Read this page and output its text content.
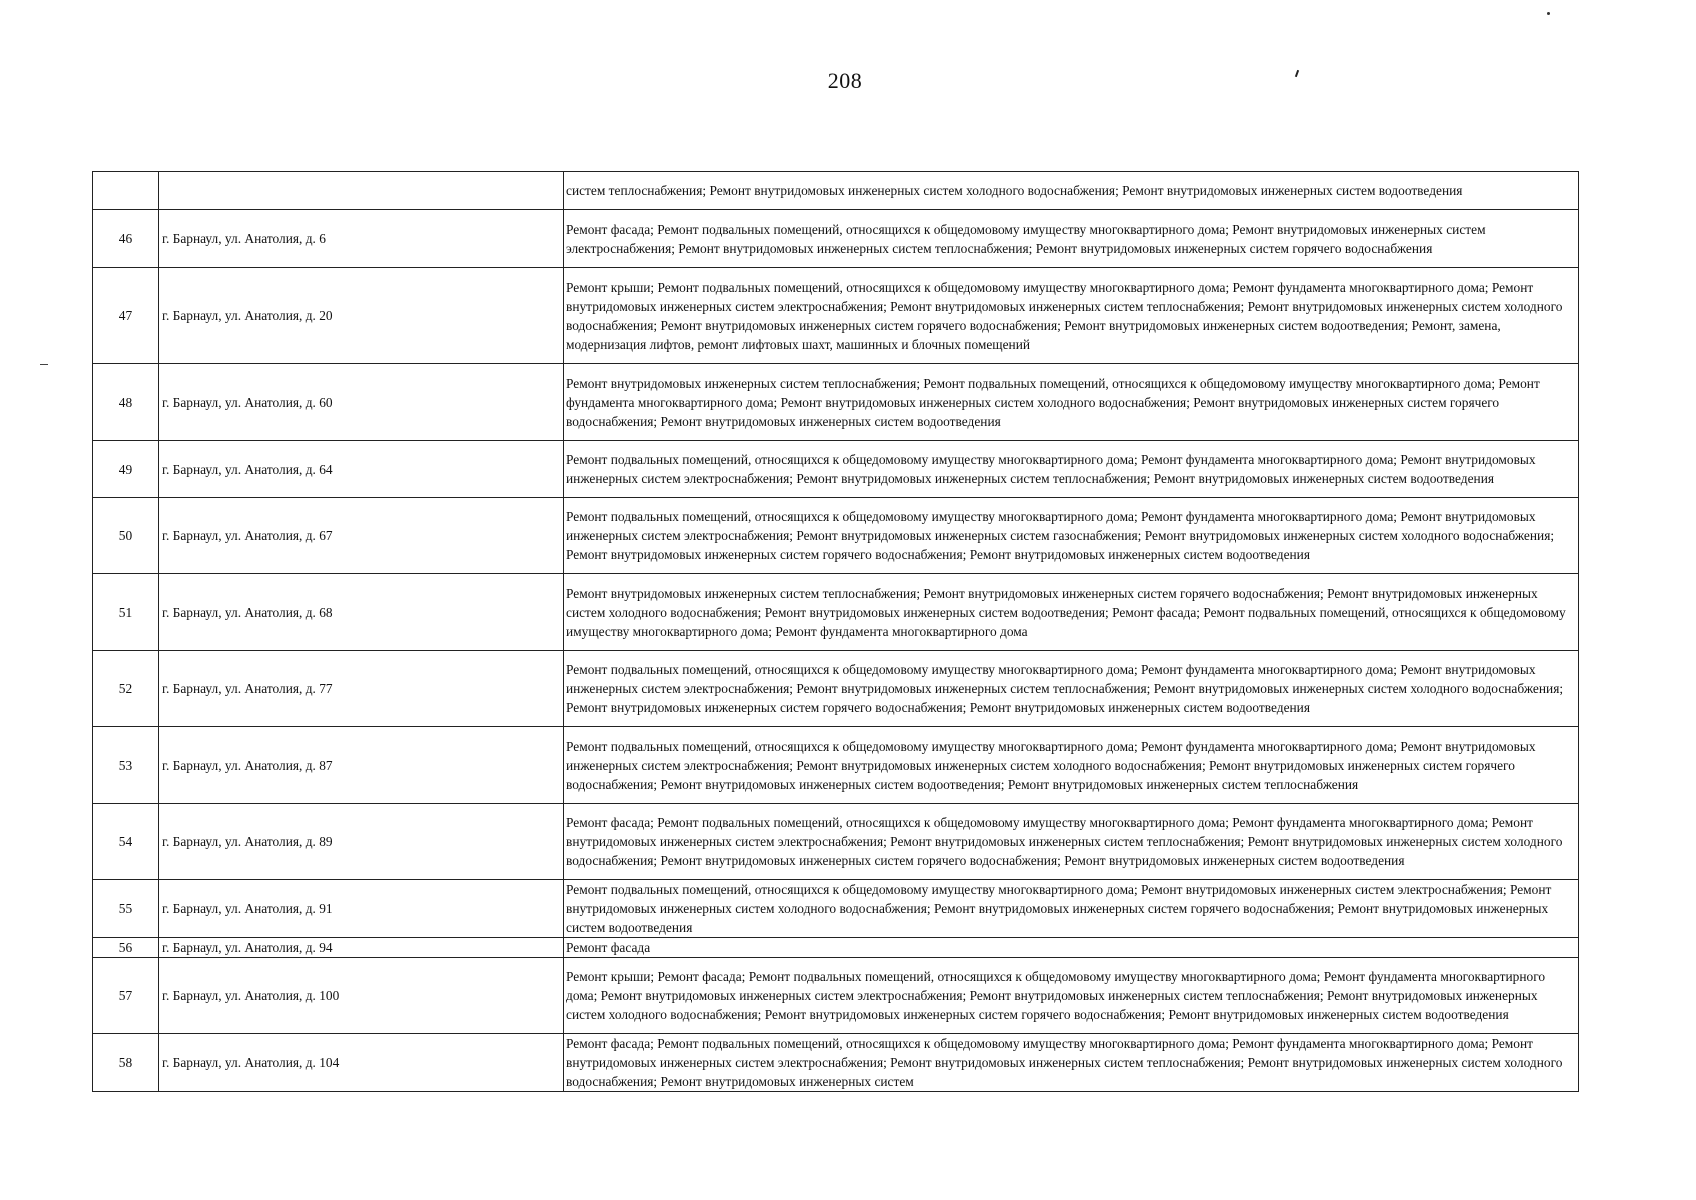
208
		систем теплоснабжения; Ремонт внутридомовых инженерных систем холодного водоснабжения; Ремонт внутридомовых инженерных систем водоотведения
46	г. Барнаул, ул. Анатолия, д. 6	Ремонт фасада; Ремонт подвальных помещений, относящихся к общедомовому имуществу многоквартирного дома; Ремонт внутридомовых инженерных систем электроснабжения; Ремонт внутридомовых инженерных систем теплоснабжения; Ремонт внутридомовых инженерных систем горячего водоснабжения
47	г. Барнаул, ул. Анатолия, д. 20	Ремонт крыши; Ремонт подвальных помещений, относящихся к общедомовому имуществу многоквартирного дома; Ремонт фундамента многоквартирного дома; Ремонт внутридомовых инженерных систем электроснабжения; Ремонт внутридомовых инженерных систем теплоснабжения; Ремонт внутридомовых инженерных систем холодного водоснабжения; Ремонт внутридомовых инженерных систем горячего водоснабжения; Ремонт внутридомовых инженерных систем водоотведения; Ремонт, замена, модернизация лифтов, ремонт лифтовых шахт, машинных и блочных помещений
48	г. Барнаул, ул. Анатолия, д. 60	Ремонт внутридомовых инженерных систем теплоснабжения; Ремонт подвальных помещений, относящихся к общедомовому имуществу многоквартирного дома; Ремонт фундамента многоквартирного дома; Ремонт внутридомовых инженерных систем холодного водоснабжения; Ремонт внутридомовых инженерных систем горячего водоснабжения; Ремонт внутридомовых инженерных систем водоотведения
49	г. Барнаул, ул. Анатолия, д. 64	Ремонт подвальных помещений, относящихся к общедомовому имуществу многоквартирного дома; Ремонт фундамента многоквартирного дома; Ремонт внутридомовых инженерных систем электроснабжения; Ремонт внутридомовых инженерных систем теплоснабжения; Ремонт внутридомовых инженерных систем водоотведения
50	г. Барнаул, ул. Анатолия, д. 67	Ремонт подвальных помещений, относящихся к общедомовому имуществу многоквартирного дома; Ремонт фундамента многоквартирного дома; Ремонт внутридомовых инженерных систем электроснабжения; Ремонт внутридомовых инженерных систем газоснабжения; Ремонт внутридомовых инженерных систем холодного водоснабжения; Ремонт внутридомовых инженерных систем горячего водоснабжения; Ремонт внутридомовых инженерных систем водоотведения
51	г. Барнаул, ул. Анатолия, д. 68	Ремонт внутридомовых инженерных систем теплоснабжения; Ремонт внутридомовых инженерных систем горячего водоснабжения; Ремонт внутридомовых инженерных систем холодного водоснабжения; Ремонт внутридомовых инженерных систем водоотведения; Ремонт фасада; Ремонт подвальных помещений, относящихся к общедомовому имуществу многоквартирного дома; Ремонт фундамента многоквартирного дома
52	г. Барнаул, ул. Анатолия, д. 77	Ремонт подвальных помещений, относящихся к общедомовому имуществу многоквартирного дома; Ремонт фундамента многоквартирного дома; Ремонт внутридомовых инженерных систем электроснабжения; Ремонт внутридомовых инженерных систем теплоснабжения; Ремонт внутридомовых инженерных систем холодного водоснабжения; Ремонт внутридомовых инженерных систем горячего водоснабжения; Ремонт внутридомовых инженерных систем водоотведения
53	г. Барнаул, ул. Анатолия, д. 87	Ремонт подвальных помещений, относящихся к общедомовому имуществу многоквартирного дома; Ремонт фундамента многоквартирного дома; Ремонт внутридомовых инженерных систем электроснабжения; Ремонт внутридомовых инженерных систем холодного водоснабжения; Ремонт внутридомовых инженерных систем горячего водоснабжения; Ремонт внутридомовых инженерных систем водоотведения; Ремонт внутридомовых инженерных систем теплоснабжения
54	г. Барнаул, ул. Анатолия, д. 89	Ремонт фасада; Ремонт подвальных помещений, относящихся к общедомовому имуществу многоквартирного дома; Ремонт фундамента многоквартирного дома; Ремонт внутридомовых инженерных систем электроснабжения; Ремонт внутридомовых инженерных систем теплоснабжения; Ремонт внутридомовых инженерных систем холодного водоснабжения; Ремонт внутридомовых инженерных систем горячего водоснабжения; Ремонт внутридомовых инженерных систем водоотведения
55	г. Барнаул, ул. Анатолия, д. 91	Ремонт подвальных помещений, относящихся к общедомовому имуществу многоквартирного дома; Ремонт внутридомовых инженерных систем электроснабжения; Ремонт внутридомовых инженерных систем холодного водоснабжения; Ремонт внутридомовых инженерных систем горячего водоснабжения; Ремонт внутридомовых инженерных систем водоотведения
56	г. Барнаул, ул. Анатолия, д. 94	Ремонт фасада
57	г. Барнаул, ул. Анатолия, д. 100	Ремонт крыши; Ремонт фасада; Ремонт подвальных помещений, относящихся к общедомовому имуществу многоквартирного дома; Ремонт фундамента многоквартирного дома; Ремонт внутридомовых инженерных систем электроснабжения; Ремонт внутридомовых инженерных систем теплоснабжения; Ремонт внутридомовых инженерных систем холодного водоснабжения; Ремонт внутридомовых инженерных систем горячего водоснабжения; Ремонт внутридомовых инженерных систем водоотведения
58	г. Барнаул, ул. Анатолия, д. 104	Ремонт фасада; Ремонт подвальных помещений, относящихся к общедомовому имуществу многоквартирного дома; Ремонт фундамента многоквартирного дома; Ремонт внутридомовых инженерных систем электроснабжения; Ремонт внутридомовых инженерных систем теплоснабжения; Ремонт внутридомовых инженерных систем холодного водоснабжения; Ремонт внутридомовых инженерных систем
